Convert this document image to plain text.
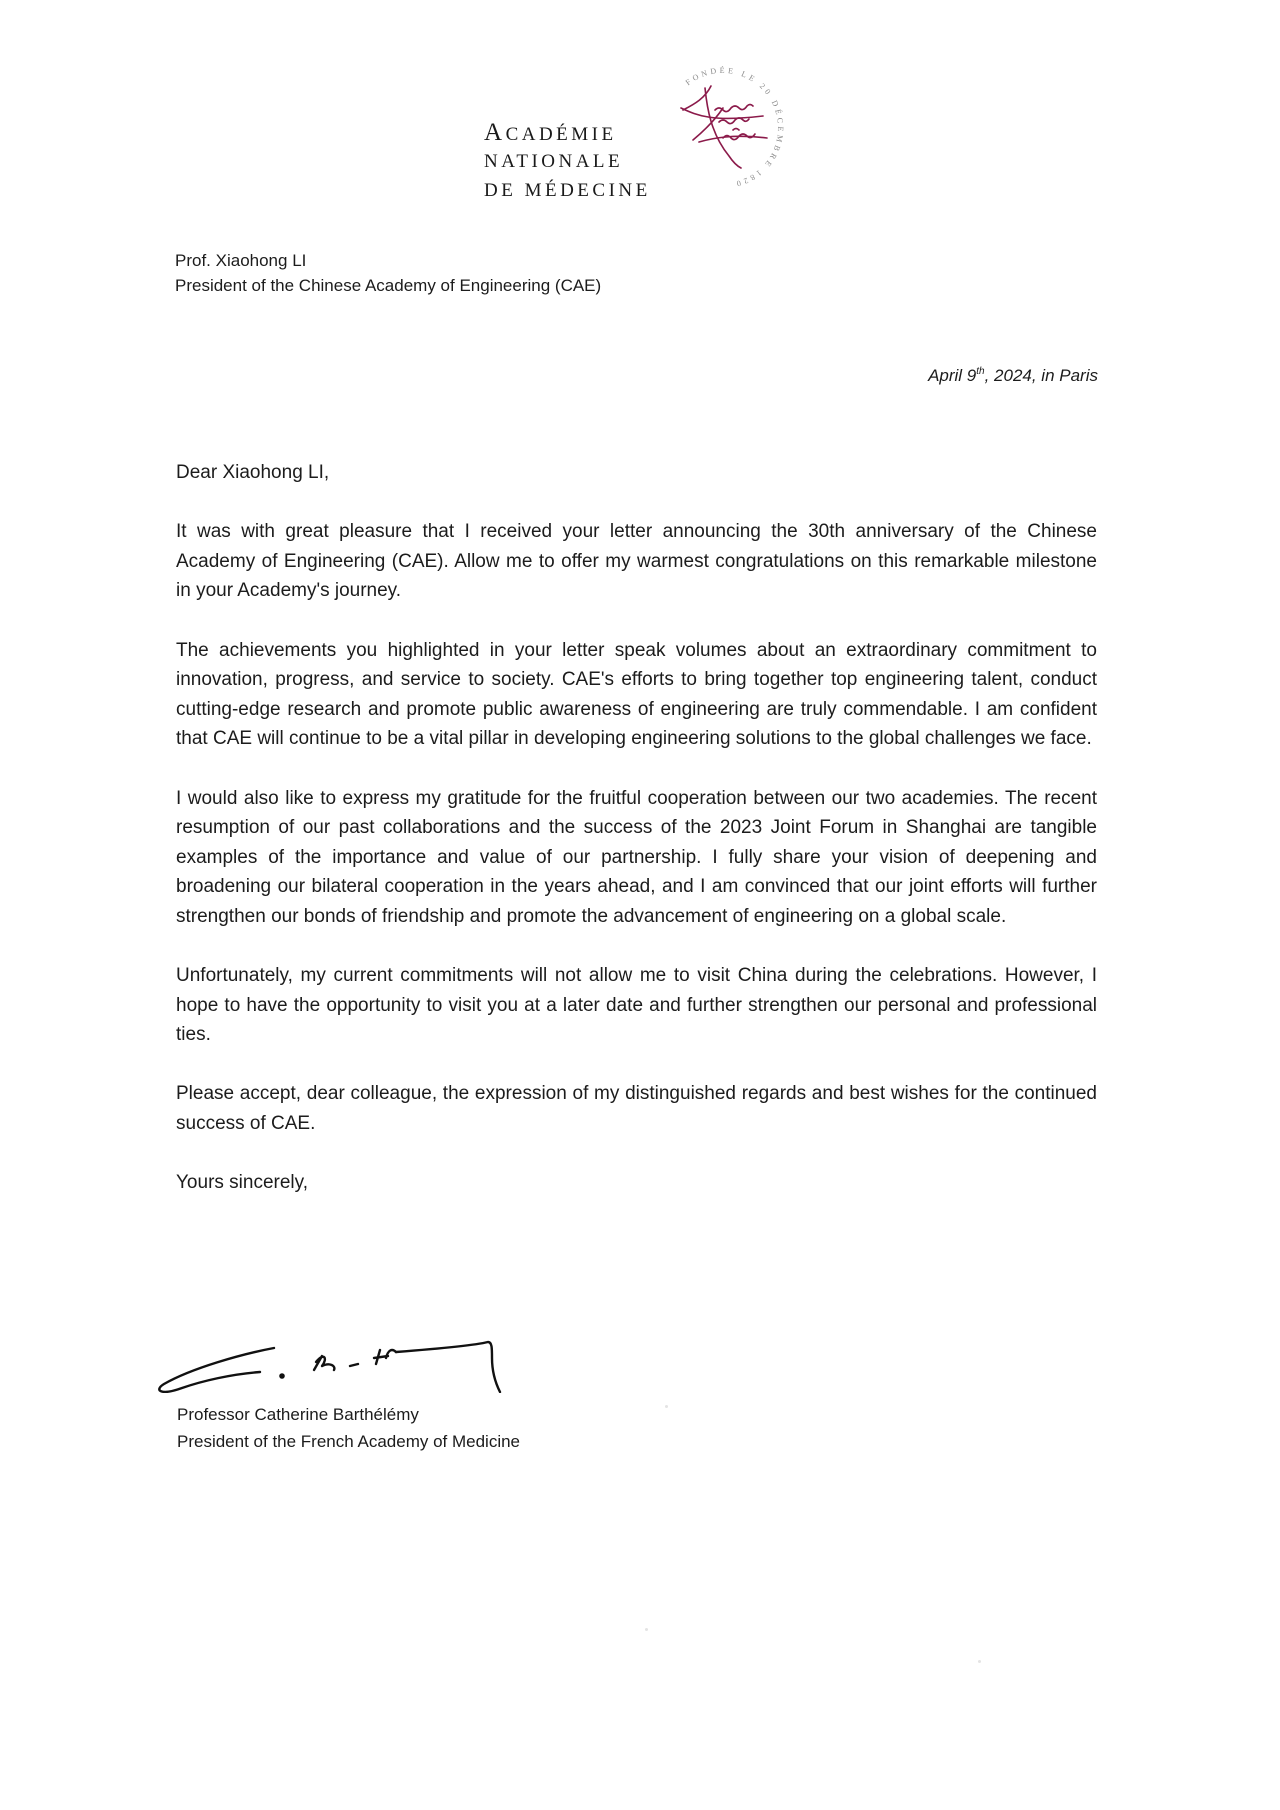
ACADÉMIE
NATIONALE
DE MÉDECINE
FONDÉE LE 20 DÉCEMBRE 1820
Prof. Xiaohong LI
President of the Chinese Academy of Engineering (CAE)
April 9th, 2024, in Paris

Dear Xiaohong LI,

It was with great pleasure that I received your letter announcing the 30th anniversary of the Chinese Academy of Engineering (CAE). Allow me to offer my warmest congratulations on this remarkable milestone in your Academy's journey.

The achievements you highlighted in your letter speak volumes about an extraordinary commitment to innovation, progress, and service to society. CAE's efforts to bring together top engineering talent, conduct cutting-edge research and promote public awareness of engineering are truly commendable. I am confident that CAE will continue to be a vital pillar in developing engineering solutions to the global challenges we face.

I would also like to express my gratitude for the fruitful cooperation between our two academies. The recent resumption of our past collaborations and the success of the 2023 Joint Forum in Shanghai are tangible examples of the importance and value of our partnership. I fully share your vision of deepening and broadening our bilateral cooperation in the years ahead, and I am convinced that our joint efforts will further strengthen our bonds of friendship and promote the advancement of engineering on a global scale.

Unfortunately, my current commitments will not allow me to visit China during the celebrations. However, I hope to have the opportunity to visit you at a later date and further strengthen our personal and professional ties.

Please accept, dear colleague, the expression of my distinguished regards and best wishes for the continued success of CAE.

Yours sincerely,

Professor Catherine Barthélémy
President of the French Academy of Medicine
